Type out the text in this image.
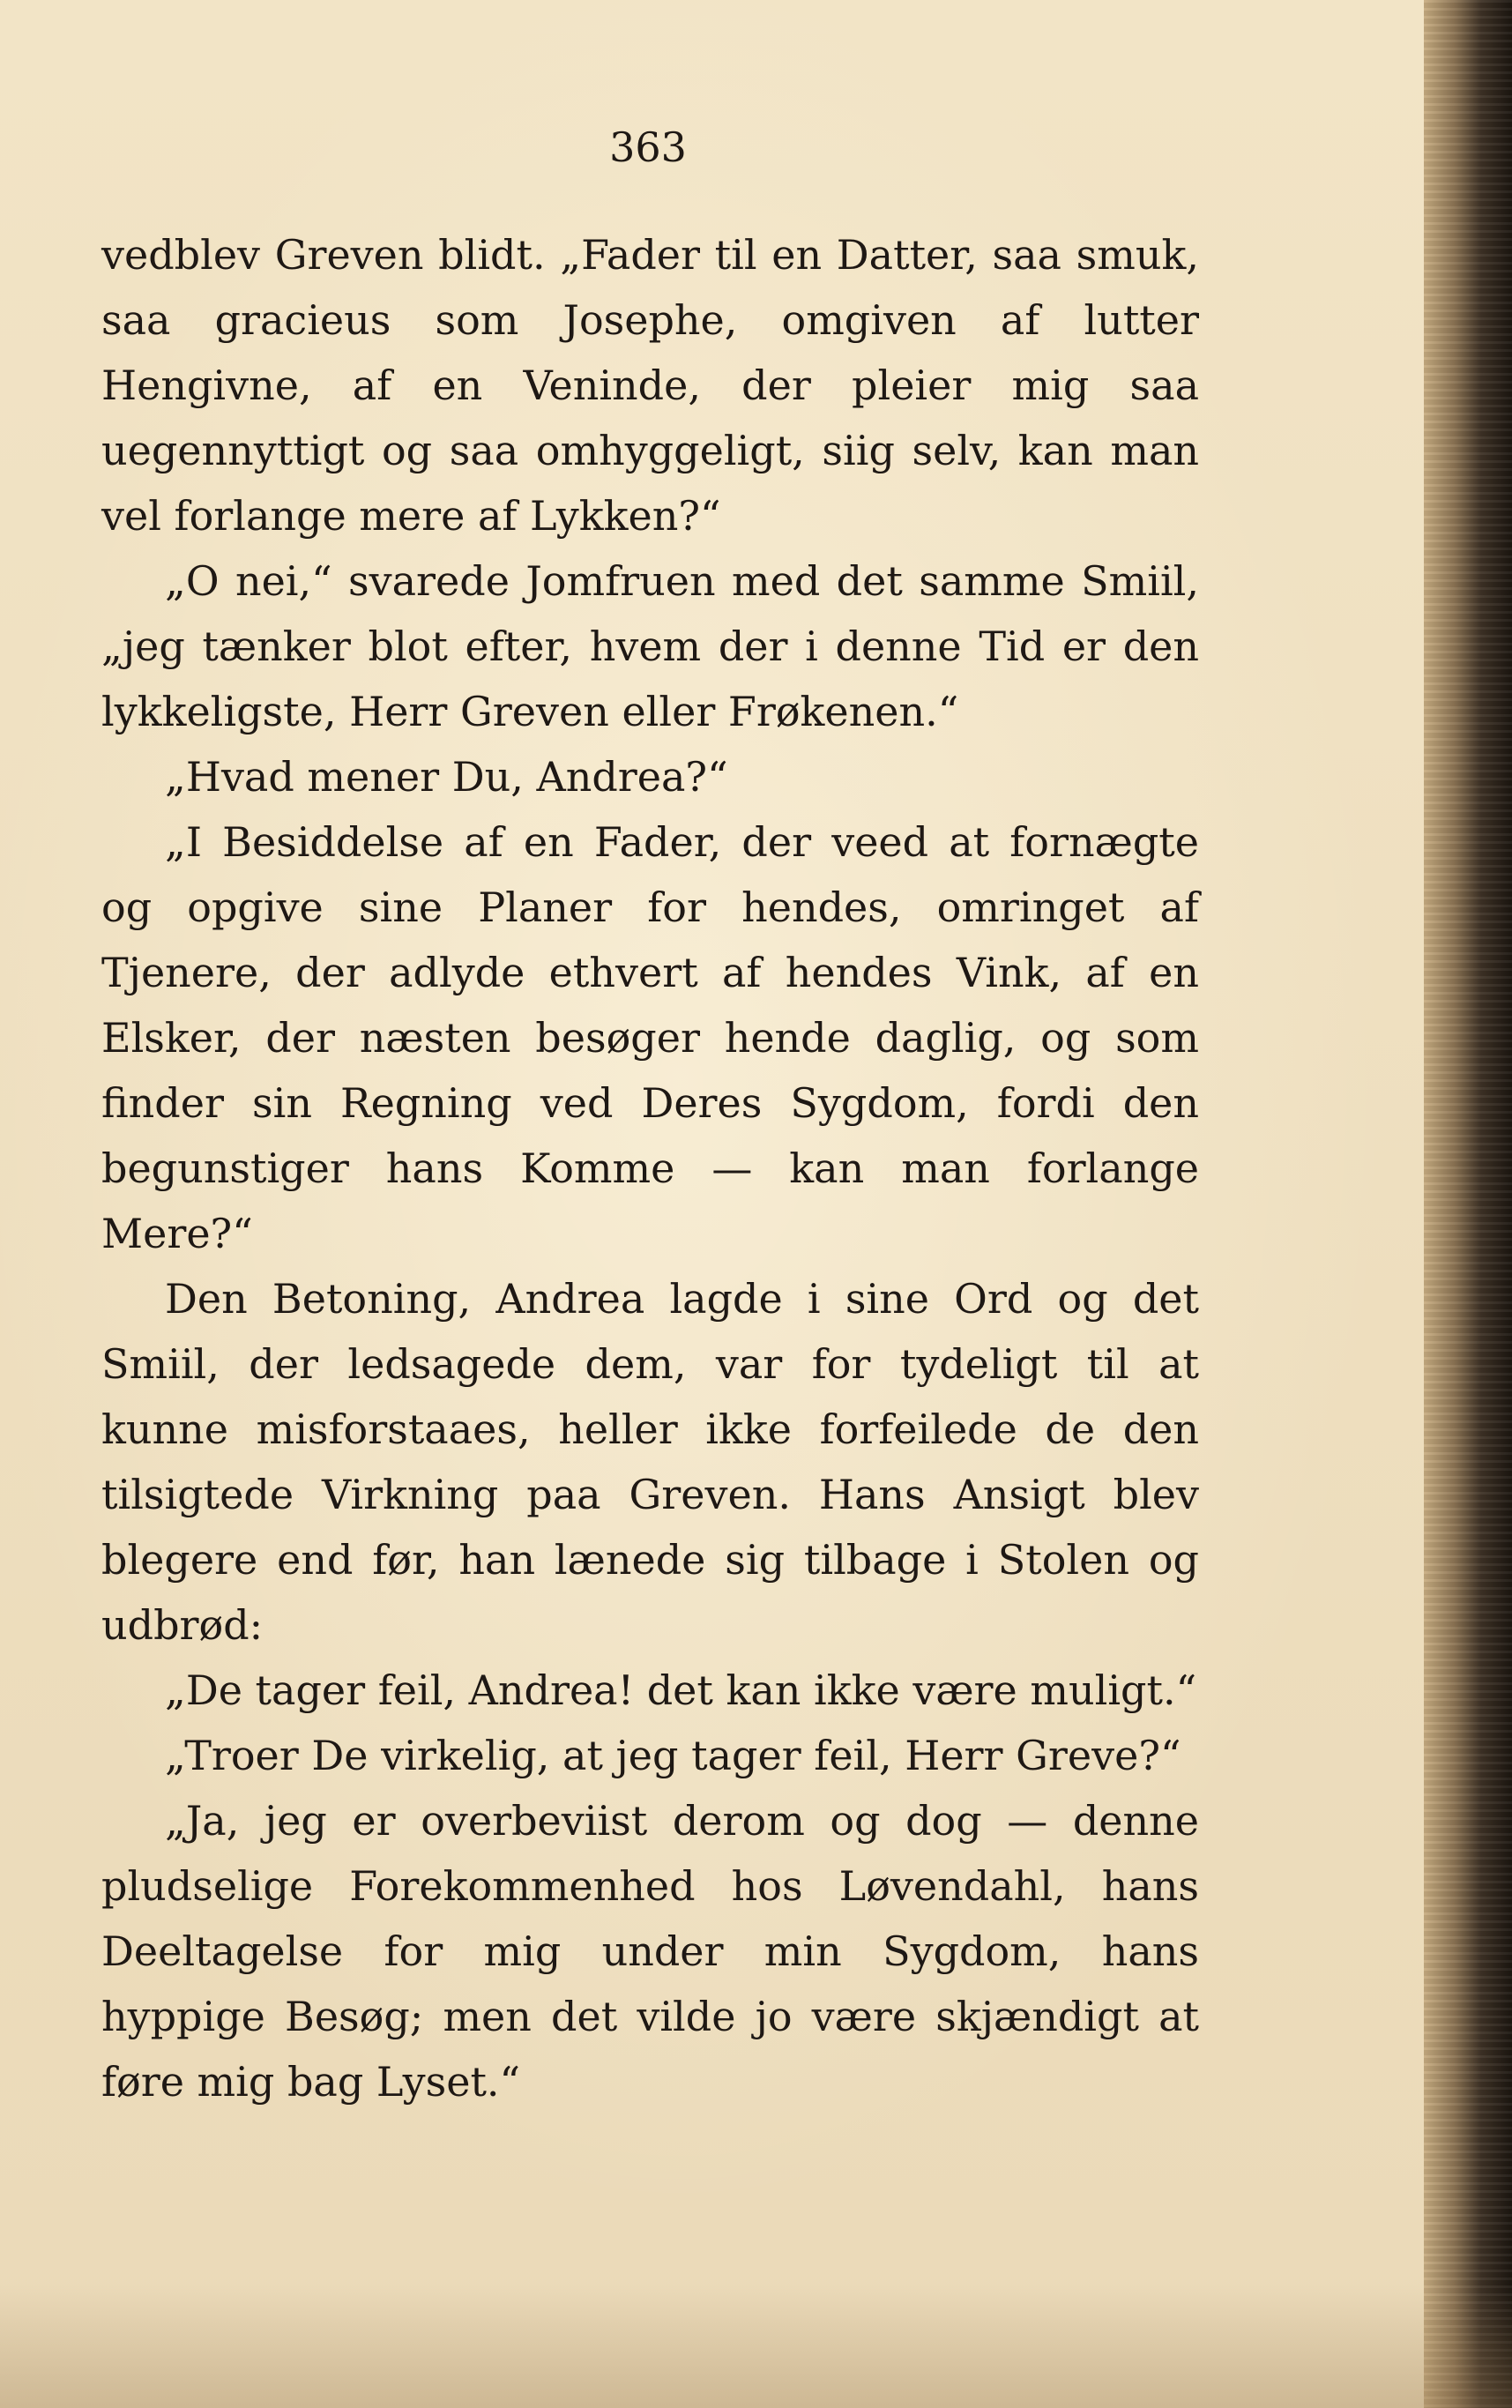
363

vedblev Greven blidt. „Fader til en Datter, saa smuk, saa gracieus som Josephe, omgiven af lutter Hengivne, af en Veninde, der pleier mig saa uegennyttigt og saa omhyggeligt, siig selv, kan man vel forlange mere af Lykken?“

„O nei,“ svarede Jomfruen med det samme Smiil, „jeg tænker blot efter, hvem der i denne Tid er den lykkeligste, Herr Greven eller Frøkenen.“

„Hvad mener Du, Andrea?“

„I Besiddelse af en Fader, der veed at fornægte og opgive sine Planer for hendes, omringet af Tjenere, der adlyde ethvert af hendes Vink, af en Elsker, der næsten besøger hende daglig, og som finder sin Regning ved Deres Sygdom, fordi den begunstiger hans Komme — kan man forlange Mere?“

Den Betoning, Andrea lagde i sine Ord og det Smiil, der ledsagede dem, var for tydeligt til at kunne misforstaaes, heller ikke forfeilede de den tilsigtede Virkning paa Greven. Hans Ansigt blev blegere end før, han lænede sig tilbage i Stolen og udbrød:

„De tager feil, Andrea! det kan ikke være muligt.“

„Troer De virkelig, at jeg tager feil, Herr Greve?“

„Ja, jeg er overbeviist derom og dog — denne pludselige Forekommenhed hos Løvendahl, hans Deeltagelse for mig under min Sygdom, hans hyppige Besøg; men det vilde jo være skjændigt at føre mig bag Lyset.“
